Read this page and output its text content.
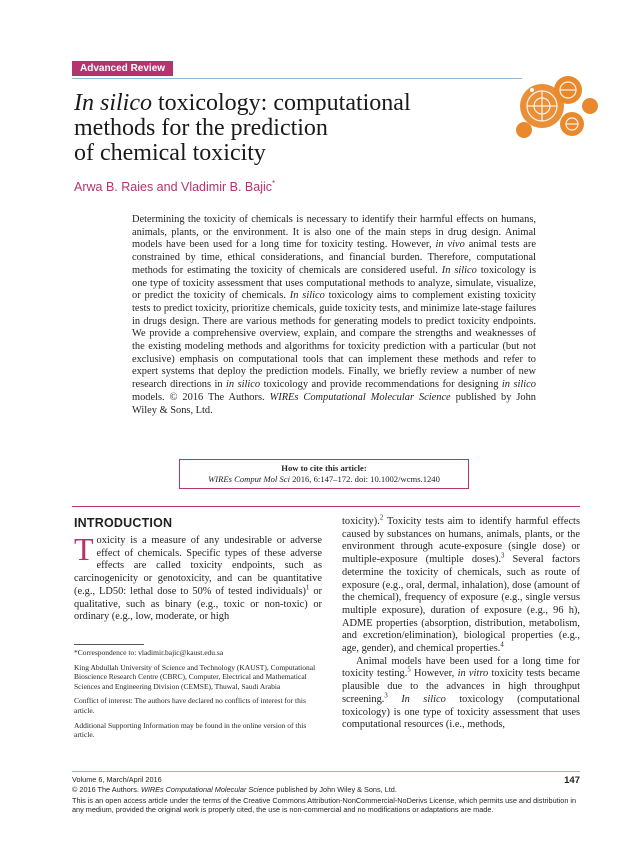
Advanced Review
In silico toxicology: computational
methods for the prediction
of chemical toxicity
Arwa B. Raies and Vladimir B. Bajic*
Determining the toxicity of chemicals is necessary to identify their harmful effects on humans, animals, plants, or the environment. It is also one of the main steps in drug design. Animal models have been used for a long time for toxicity testing. However, in vivo animal tests are constrained by time, ethical considerations, and financial burden. Therefore, computational methods for estimating the toxicity of chemicals are considered useful. In silico toxicology is one type of toxicity assessment that uses computational methods to analyze, simulate, visualize, or predict the toxicity of chemicals. In silico toxicology aims to complement existing toxicity tests to predict toxicity, prioritize chemicals, guide toxicity tests, and minimize late-stage failures in drugs design. There are various methods for generating models to predict toxicity endpoints. We provide a comprehensive overview, explain, and compare the strengths and weaknesses of the existing modeling methods and algorithms for toxicity prediction with a particular (but not exclusive) emphasis on computational tools that can implement these methods and refer to expert systems that deploy the prediction models. Finally, we briefly review a number of new research directions in in silico toxicology and provide recommendations for designing in silico models. © 2016 The Authors. WIREs Computational Molecular Science published by John Wiley & Sons, Ltd.
How to cite this article:
WIREs Comput Mol Sci 2016, 6:147–172. doi: 10.1002/wcms.1240
INTRODUCTION
Toxicity is a measure of any undesirable or adverse effect of chemicals. Specific types of these adverse effects are called toxicity endpoints, such as carcinogenicity or genotoxicity, and can be quantitative (e.g., LD50: lethal dose to 50% of tested individuals)$^1$ or qualitative, such as binary (e.g., toxic or non-toxic) or ordinary (e.g., low, moderate, or high

*Correspondence to: vladimir.bajic@kaust.edu.sa

King Abdullah University of Science and Technology (KAUST), Computational Bioscience Research Centre (CBRC), Computer, Electrical and Mathematical Sciences and Engineering Division (CEMSE), Thuwal, Saudi Arabia

Conflict of interest: The authors have declared no conflicts of interest for this article.

Additional Supporting Information may be found in the online version of this article.

toxicity).$^2$ Toxicity tests aim to identify harmful effects caused by substances on humans, animals, plants, or the environment through acute-exposure (single dose) or multiple-exposure (multiple doses).$^3$ Several factors determine the toxicity of chemicals, such as route of exposure (e.g., oral, dermal, inhalation), dose (amount of the chemical), frequency of exposure (e.g., single versus multiple exposure), duration of exposure (e.g., 96 h), ADME properties (absorption, distribution, metabolism, and excretion/elimination), biological properties (e.g., age, gender), and chemical properties.$^4$
Animal models have been used for a long time for toxicity testing.$^5$ However, in vitro toxicity tests became plausible due to the advances in high throughput screening.$^3$ In silico toxicology (computational toxicology) is one type of toxicity assessment that uses computational resources (i.e., methods,
Volume 6, March/April 2016	147
© 2016 The Authors. WIREs Computational Molecular Science published by John Wiley & Sons, Ltd.
This is an open access article under the terms of the Creative Commons Attribution-NonCommercial-NoDerivs License, which permits use and distribution in any medium, provided the original work is properly cited, the use is non-commercial and no modifications or adaptations are made.
